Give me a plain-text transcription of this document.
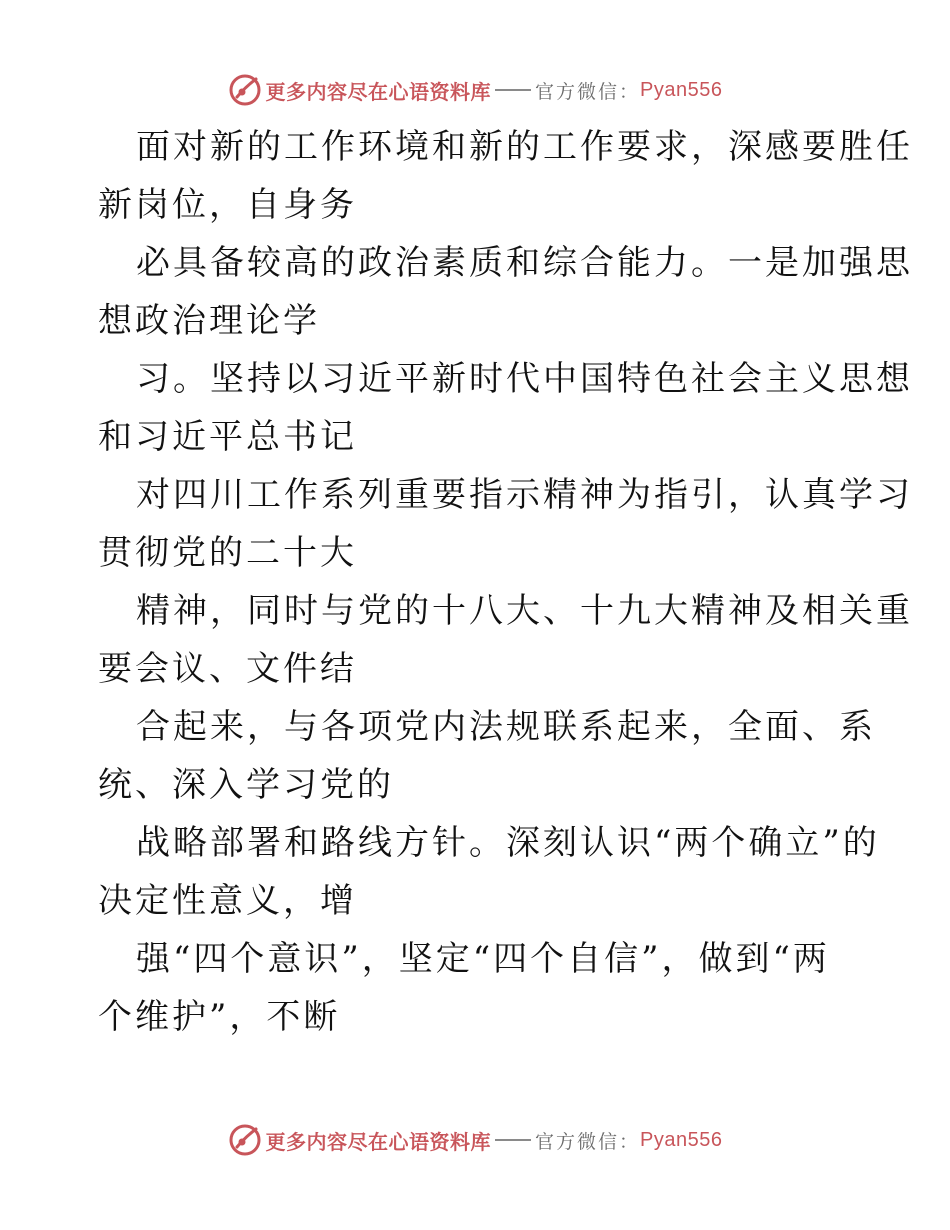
更多内容尽在心语资料库 官方微信： Pyan556
面对新的工作环境和新的工作要求，深感要胜任
新岗位，自身务
必具备较高的政治素质和综合能力。一是加强思
想政治理论学
习。坚持以习近平新时代中国特色社会主义思想
和习近平总书记
对四川工作系列重要指示精神为指引，认真学习
贯彻党的二十大
精神，同时与党的十八大、十九大精神及相关重
要会议、文件结
合起来，与各项党内法规联系起来，全面、系
统、深入学习党的
战略部署和路线方针。深刻认识“两个确立”的
决定性意义，增
强“四个意识”，坚定“四个自信”，做到“两
个维护”，不断
更多内容尽在心语资料库 官方微信： Pyan556
